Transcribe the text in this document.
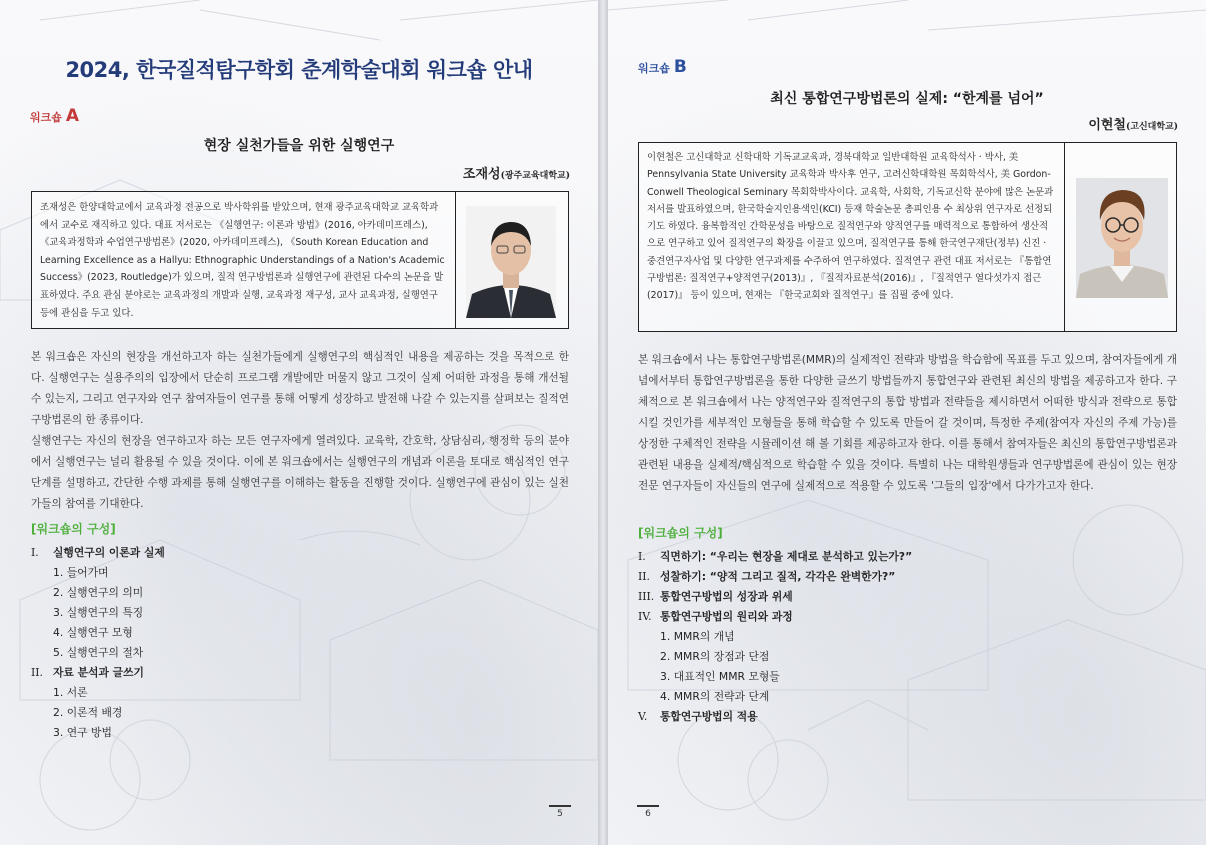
2024, 한국질적탐구학회 춘계학술대회 워크숍 안내
워크숍 A
현장 실천가들을 위한 실행연구
조재성(광주교육대학교)
조재성은 한양대학교에서 교육과정 전공으로 박사학위를 받았으며, 현재 광주교육대학교 교육학과에서 교수로 재직하고 있다. 대표 저서로는 《실행연구: 이론과 방법》(2016, 아카데미프레스), 《교육과정학과 수업연구방법론》(2020, 아카데미프레스), 《South Korean Education and Learning Excellence as a Hallyu: Ethnographic Understandings of a Nation's Academic Success》(2023, Routledge)가 있으며, 질적 연구방법론과 실행연구에 관련된 다수의 논문을 발표하였다. 주요 관심 분야로는 교육과정의 개발과 실행, 교육과정 재구성, 교사 교육과정, 실행연구 등에 관심을 두고 있다.
본 워크숍은 자신의 현장을 개선하고자 하는 실천가들에게 실행연구의 핵심적인 내용을 제공하는 것을 목적으로 한다. 실행연구는 실용주의의 입장에서 단순히 프로그램 개발에만 머물지 않고 그것이 실제 어떠한 과정을 통해 개선될 수 있는지, 그리고 연구자와 연구 참여자들이 연구를 통해 어떻게 성장하고 발전해 나갈 수 있는지를 살펴보는 질적연구방법론의 한 종류이다.
실행연구는 자신의 현장을 연구하고자 하는 모든 연구자에게 열려있다. 교육학, 간호학, 상담심리, 행정학 등의 분야에서 실행연구는 널리 활용될 수 있을 것이다. 이에 본 워크숍에서는 실행연구의 개념과 이론을 토대로 핵심적인 연구 단계를 설명하고, 간단한 수행 과제를 통해 실행연구를 이해하는 활동을 진행할 것이다. 실행연구에 관심이 있는 실천가들의 참여를 기대한다.
[워크숍의 구성]
I. 실행연구의 이론과 실제
1. 들어가며
2. 실행연구의 의미
3. 실행연구의 특징
4. 실행연구 모형
5. 실행연구의 절차
II. 자료 분석과 글쓰기
1. 서론
2. 이론적 배경
3. 연구 방법
5
워크숍 B
최신 통합연구방법론의 실제: “한계를 넘어”
이현철(고신대학교)
이현철은 고신대학교 신학대학 기독교교육과, 경북대학교 일반대학원 교육학석사 · 박사, 美 Pennsylvania State University 교육학과 박사후 연구, 고려신학대학원 목회학석사, 美 Gordon-Conwell Theological Seminary 목회학박사이다. 교육학, 사회학, 기독교신학 분야에 많은 논문과 저서를 발표하였으며, 한국학술지인용색인(KCI) 등재 학술논문 총피인용 수 최상위 연구자로 선정되기도 하였다. 융복합적인 간학문성을 바탕으로 질적연구와 양적연구를 매력적으로 통합하여 생산적으로 연구하고 있어 질적연구의 확장을 이끌고 있으며, 질적연구를 통해 한국연구재단(정부) 신진 · 중견연구자사업 및 다양한 연구과제를 수주하여 연구하였다. 질적연구 관련 대표 저서로는 『통합연구방법론: 질적연구+양적연구(2013)』, 『질적자료분석(2016)』, 『질적연구 열다섯가지 접근(2017)』 등이 있으며, 현재는 『한국교회와 질적연구』를 집필 중에 있다.
본 워크숍에서 나는 통합연구방법론(MMR)의 실제적인 전략과 방법을 학습함에 목표를 두고 있으며, 참여자들에게 개념에서부터 통합연구방법론을 통한 다양한 글쓰기 방법들까지 통합연구와 관련된 최신의 방법을 제공하고자 한다. 구체적으로 본 워크숍에서 나는 양적연구와 질적연구의 통합 방법과 전략들을 제시하면서 어떠한 방식과 전략으로 통합시킬 것인가를 세부적인 모형들을 통해 학습할 수 있도록 만들어 갈 것이며, 특정한 주제(참여자 자신의 주제 가능)를 상정한 구체적인 전략을 시뮬레이션 해 볼 기회를 제공하고자 한다. 이를 통해서 참여자들은 최신의 통합연구방법론과 관련된 내용을 실제적/핵심적으로 학습할 수 있을 것이다. 특별히 나는 대학원생들과 연구방법론에 관심이 있는 현장 전문 연구자들이 자신들의 연구에 실제적으로 적용할 수 있도록 '그들의 입장'에서 다가가고자 한다.
[워크숍의 구성]
I. 직면하기: “우리는 현장을 제대로 분석하고 있는가?”
II. 성찰하기: “양적 그리고 질적, 각각은 완벽한가?”
III. 통합연구방법의 성장과 위세
IV. 통합연구방법의 원리와 과정
1. MMR의 개념
2. MMR의 장점과 단점
3. 대표적인 MMR 모형들
4. MMR의 전략과 단계
V. 통합연구방법의 적용
6
